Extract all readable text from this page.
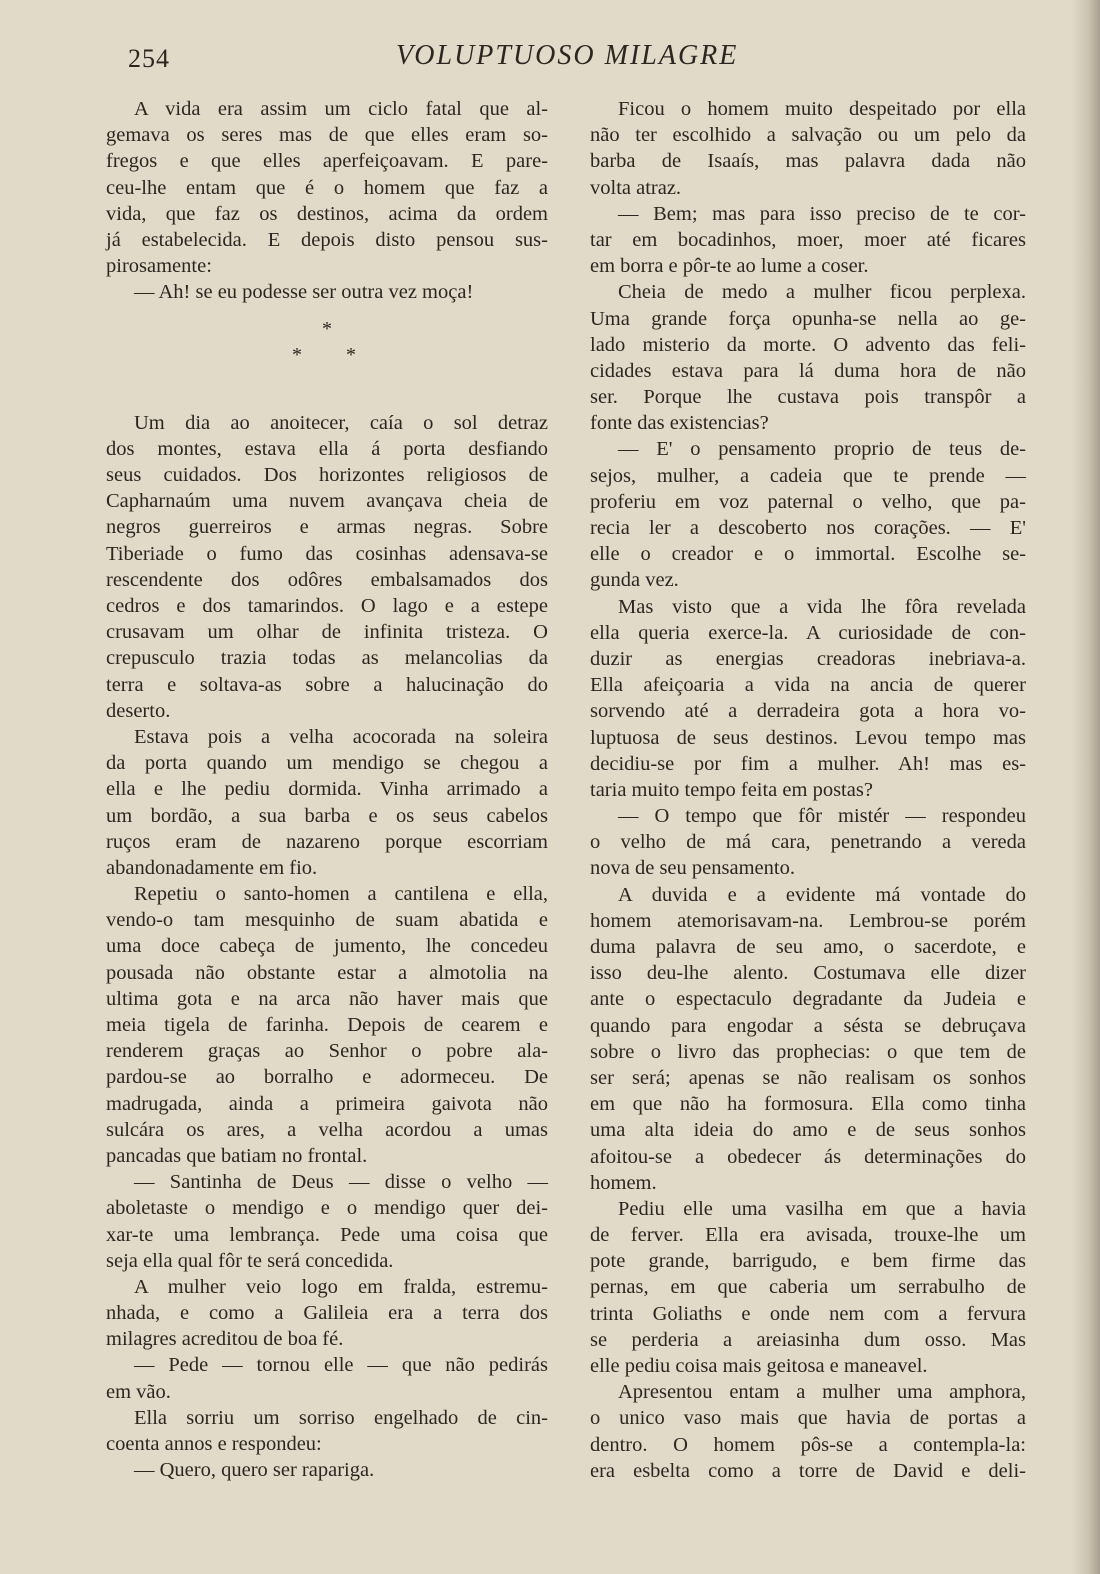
254	VOLUPTUOSO MILAGRE
A vida era assim um ciclo fatal que al-
gemava os seres mas de que elles eram so-
fregos e que elles aperfeiçoavam. E pare-
ceu-lhe entam que é o homem que faz a
vida, que faz os destinos, acima da ordem
já estabelecida. E depois disto pensou sus-
pirosamente:
— Ah! se eu podesse ser outra vez moça!
*
* *
Um dia ao anoitecer, caía o sol detraz
dos montes, estava ella á porta desfiando
seus cuidados. Dos horizontes religiosos de
Capharnaúm uma nuvem avançava cheia de
negros guerreiros e armas negras. Sobre
Tiberiade o fumo das cosinhas adensava-se
rescendente dos odôres embalsamados dos
cedros e dos tamarindos. O lago e a estepe
crusavam um olhar de infinita tristeza. O
crepusculo trazia todas as melancolias da
terra e soltava-as sobre a halucinação do
deserto.
Estava pois a velha acocorada na soleira
da porta quando um mendigo se chegou a
ella e lhe pediu dormida. Vinha arrimado a
um bordão, a sua barba e os seus cabelos
ruços eram de nazareno porque escorriam
abandonadamente em fio.
Repetiu o santo-homen a cantilena e ella,
vendo-o tam mesquinho de suam abatida e
uma doce cabeça de jumento, lhe concedeu
pousada não obstante estar a almotolia na
ultima gota e na arca não haver mais que
meia tigela de farinha. Depois de cearem e
renderem graças ao Senhor o pobre ala-
pardou-se ao borralho e adormeceu. De
madrugada, ainda a primeira gaivota não
sulcára os ares, a velha acordou a umas
pancadas que batiam no frontal.
— Santinha de Deus — disse o velho —
aboletaste o mendigo e o mendigo quer dei-
xar-te uma lembrança. Pede uma coisa que
seja ella qual fôr te será concedida.
A mulher veio logo em fralda, estremu-
nhada, e como a Galileia era a terra dos
milagres acreditou de boa fé.
— Pede — tornou elle — que não pedirás
em vão.
Ella sorriu um sorriso engelhado de cin-
coenta annos e respondeu:
— Quero, quero ser rapariga.
Ficou o homem muito despeitado por ella
não ter escolhido a salvação ou um pelo da
barba de Isaaís, mas palavra dada não
volta atraz.
— Bem; mas para isso preciso de te cor-
tar em bocadinhos, moer, moer até ficares
em borra e pôr-te ao lume a coser.
Cheia de medo a mulher ficou perplexa.
Uma grande força opunha-se nella ao ge-
lado misterio da morte. O advento das feli-
cidades estava para lá duma hora de não
ser. Porque lhe custava pois transpôr a
fonte das existencias?
— E' o pensamento proprio de teus de-
sejos, mulher, a cadeia que te prende —
proferiu em voz paternal o velho, que pa-
recia ler a descoberto nos corações. — E'
elle o creador e o immortal. Escolhe se-
gunda vez.
Mas visto que a vida lhe fôra revelada
ella queria exerce-la. A curiosidade de con-
duzir as energias creadoras inebriava-a.
Ella afeiçoaria a vida na ancia de querer
sorvendo até a derradeira gota a hora vo-
luptuosa de seus destinos. Levou tempo mas
decidiu-se por fim a mulher. Ah! mas es-
taria muito tempo feita em postas?
— O tempo que fôr mistér — respondeu
o velho de má cara, penetrando a vereda
nova de seu pensamento.
A duvida e a evidente má vontade do
homem atemorisavam-na. Lembrou-se porém
duma palavra de seu amo, o sacerdote, e
isso deu-lhe alento. Costumava elle dizer
ante o espectaculo degradante da Judeia e
quando para engodar a sésta se debruçava
sobre o livro das prophecias: o que tem de
ser será; apenas se não realisam os sonhos
em que não ha formosura. Ella como tinha
uma alta ideia do amo e de seus sonhos
afoitou-se a obedecer ás determinações do
homem.
Pediu elle uma vasilha em que a havia
de ferver. Ella era avisada, trouxe-lhe um
pote grande, barrigudo, e bem firme das
pernas, em que caberia um serrabulho de
trinta Goliaths e onde nem com a fervura
se perderia a areiasinha dum osso. Mas
elle pediu coisa mais geitosa e maneavel.
Apresentou entam a mulher uma amphora,
o unico vaso mais que havia de portas a
dentro. O homem pôs-se a contempla-la:
era esbelta como a torre de David e deli-
